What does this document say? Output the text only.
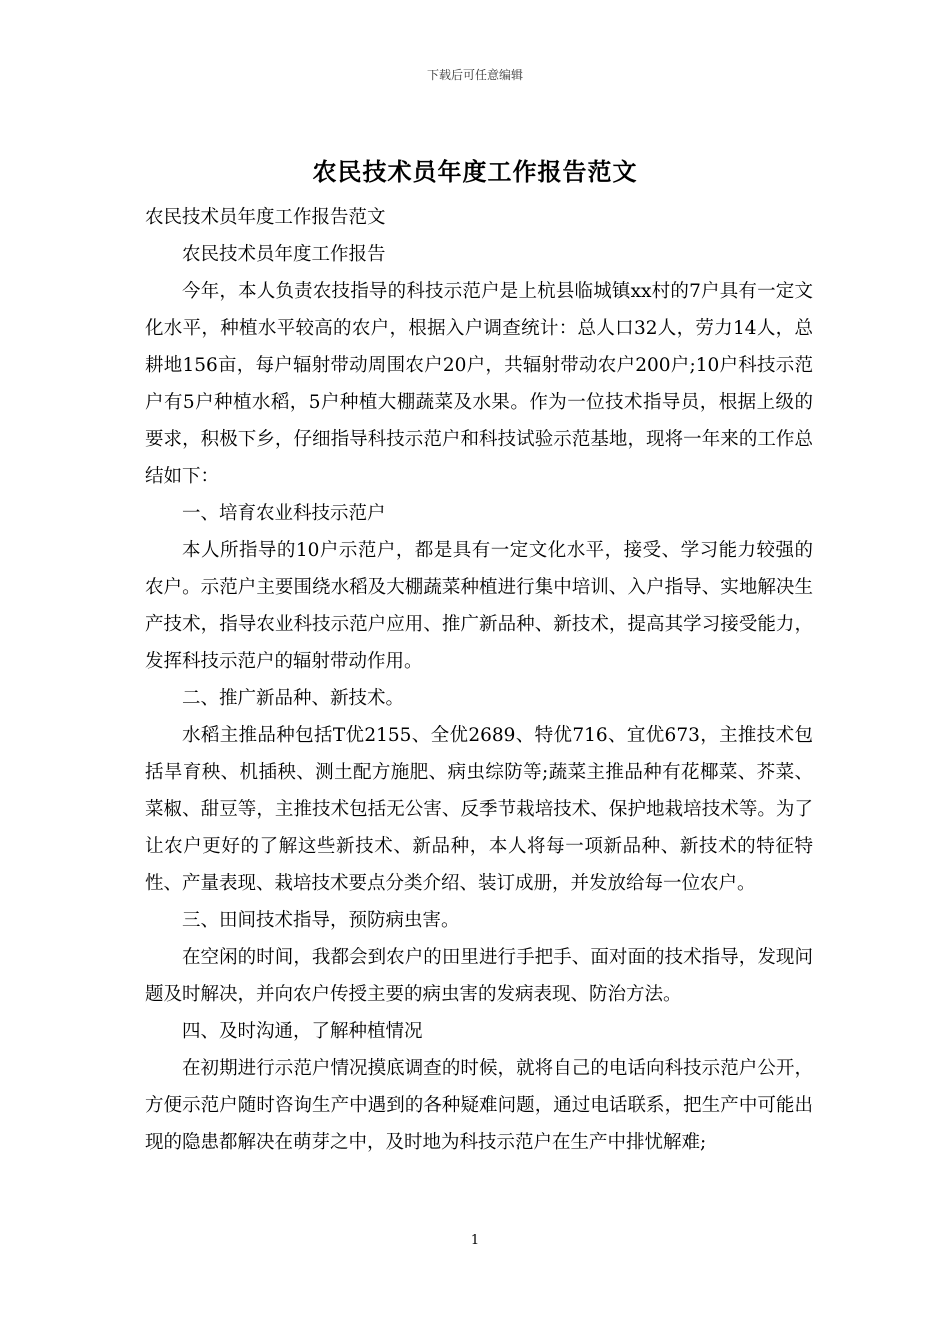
下载后可任意编辑
农民技术员年度工作报告范文

农民技术员年度工作报告范文

农民技术员年度工作报告

今年，本人负责农技指导的科技示范户是上杭县临城镇xx村的7户具有一定文化水平，种植水平较高的农户，根据入户调查统计：总人口32人，劳力14人，总耕地156亩，每户辐射带动周围农户20户，共辐射带动农户200户;10户科技示范户有5户种植水稻，5户种植大棚蔬菜及水果。作为一位技术指导员，根据上级的要求，积极下乡，仔细指导科技示范户和科技试验示范基地，现将一年来的工作总结如下：

一、培育农业科技示范户

本人所指导的10户示范户，都是具有一定文化水平，接受、学习能力较强的农户。示范户主要围绕水稻及大棚蔬菜种植进行集中培训、入户指导、实地解决生产技术，指导农业科技示范户应用、推广新品种、新技术，提高其学习接受能力，发挥科技示范户的辐射带动作用。

二、推广新品种、新技术。

水稻主推品种包括T优2155、全优2689、特优716、宜优673，主推技术包括旱育秧、机插秧、测土配方施肥、病虫综防等;蔬菜主推品种有花椰菜、芥菜、菜椒、甜豆等，主推技术包括无公害、反季节栽培技术、保护地栽培技术等。为了让农户更好的了解这些新技术、新品种，本人将每一项新品种、新技术的特征特性、产量表现、栽培技术要点分类介绍、装订成册，并发放给每一位农户。

三、田间技术指导，预防病虫害。

在空闲的时间，我都会到农户的田里进行手把手、面对面的技术指导，发现问题及时解决，并向农户传授主要的病虫害的发病表现、防治方法。

四、及时沟通，了解种植情况

在初期进行示范户情况摸底调查的时候，就将自己的电话向科技示范户公开，方便示范户随时咨询生产中遇到的各种疑难问题，通过电话联系，把生产中可能出现的隐患都解决在萌芽之中，及时地为科技示范户在生产中排忧解难;

1
